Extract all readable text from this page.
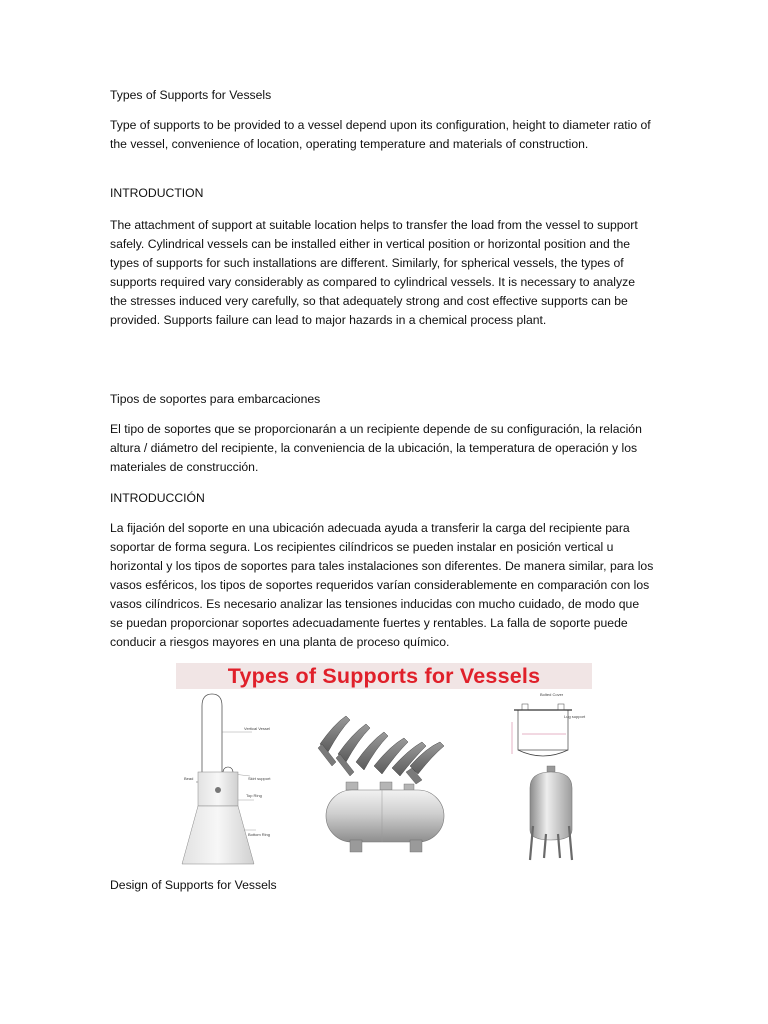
Types of Supports for Vessels

Type of supports to be provided to a vessel depend upon its configuration, height to diameter ratio of the vessel, convenience of location, operating temperature and materials of construction.

INTRODUCTION

The attachment of support at suitable location helps to transfer the load from the vessel to support safely. Cylindrical vessels can be installed either in vertical position or horizontal position and the types of supports for such installations are different. Similarly, for spherical vessels, the types of supports required vary considerably as compared to cylindrical vessels. It is necessary to analyze the stresses induced very carefully, so that adequately strong and cost effective supports can be provided. Supports failure can lead to major hazards in a chemical process plant.

Tipos de soportes para embarcaciones

El tipo de soportes que se proporcionarán a un recipiente depende de su configuración, la relación altura / diámetro del recipiente, la conveniencia de la ubicación, la temperatura de operación y los materiales de construcción.

INTRODUCCIÓN

La fijación del soporte en una ubicación adecuada ayuda a transferir la carga del recipiente para soportar de forma segura. Los recipientes cilíndricos se pueden instalar en posición vertical u horizontal y los tipos de soportes para tales instalaciones son diferentes. De manera similar, para los vasos esféricos, los tipos de soportes requeridos varían considerablemente en comparación con los vasos cilíndricos. Es necesario analizar las tensiones inducidas con mucho cuidado, de modo que se puedan proporcionar soportes adecuadamente fuertes y rentables. La falla de soporte puede conducir a riesgos mayores en una planta de proceso químico.

Design of Supports for Vessels

Types of Supports for Vessels
Vertical Vessel
Skirt support
Bead
Bolted Cover
Lug support
Top Ring
Bottom Ring
